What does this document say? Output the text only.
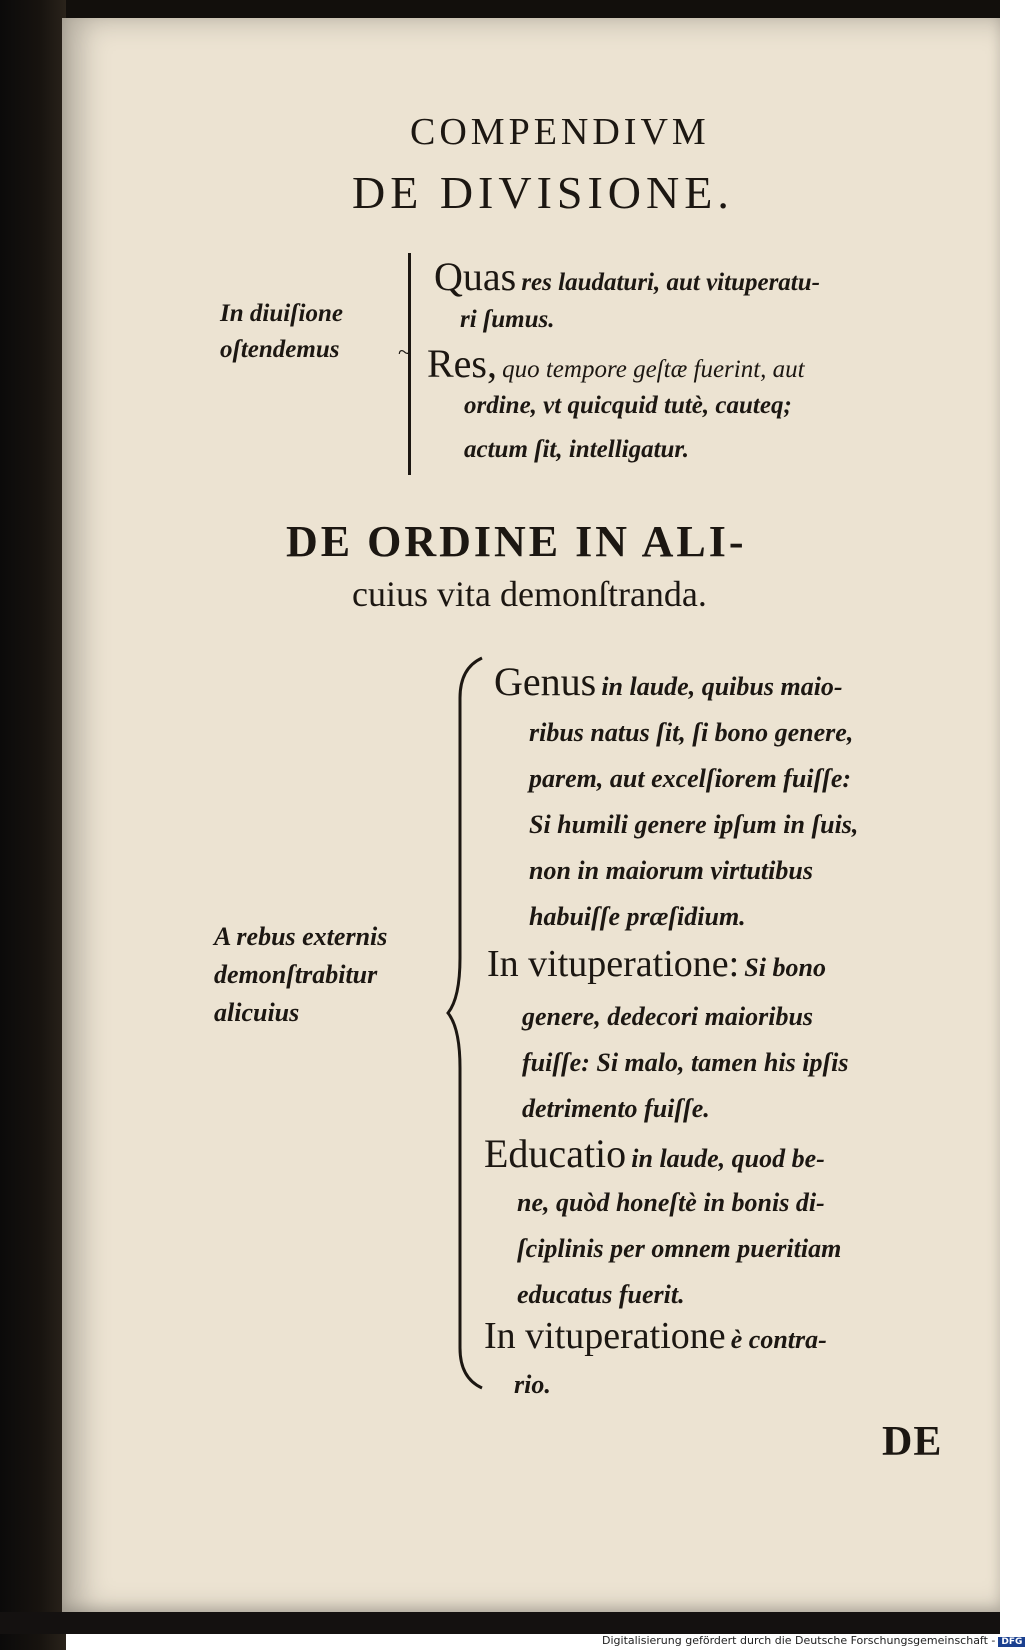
COMPENDIVM
DE DIVISIONE.
In diuiſione
oſtendemus ~
Quas res laudaturi, aut vituperatu-
ri ſumus.
Res, quo tempore geſtæ fuerint, aut
ordine, vt quicquid tutè, cauteq;
actum ſit, intelligatur.
DE ORDINE IN ALI-
cuius vita demonſtranda.
A rebus externis
demonſtrabitur
alicuius
Genus in laude, quibus maio-
ribus natus ſit, ſi bono genere,
parem, aut excelſiorem fuiſſe:
Si humili genere ipſum in ſuis,
non in maiorum virtutibus
habuiſſe præſidium.
In vituperatione: Si bono
genere, dedecori maioribus
fuiſſe: Si malo, tamen his ipſis
detrimento fuiſſe.
Educatio in laude, quod be-
ne, quòd honeſtè in bonis di-
ſciplinis per omnem pueritiam
educatus fuerit.
In vituperatione è contra-
rio.
DE
Digitalisierung gefördert durch die Deutsche Forschungsgemeinschaft - DFG
